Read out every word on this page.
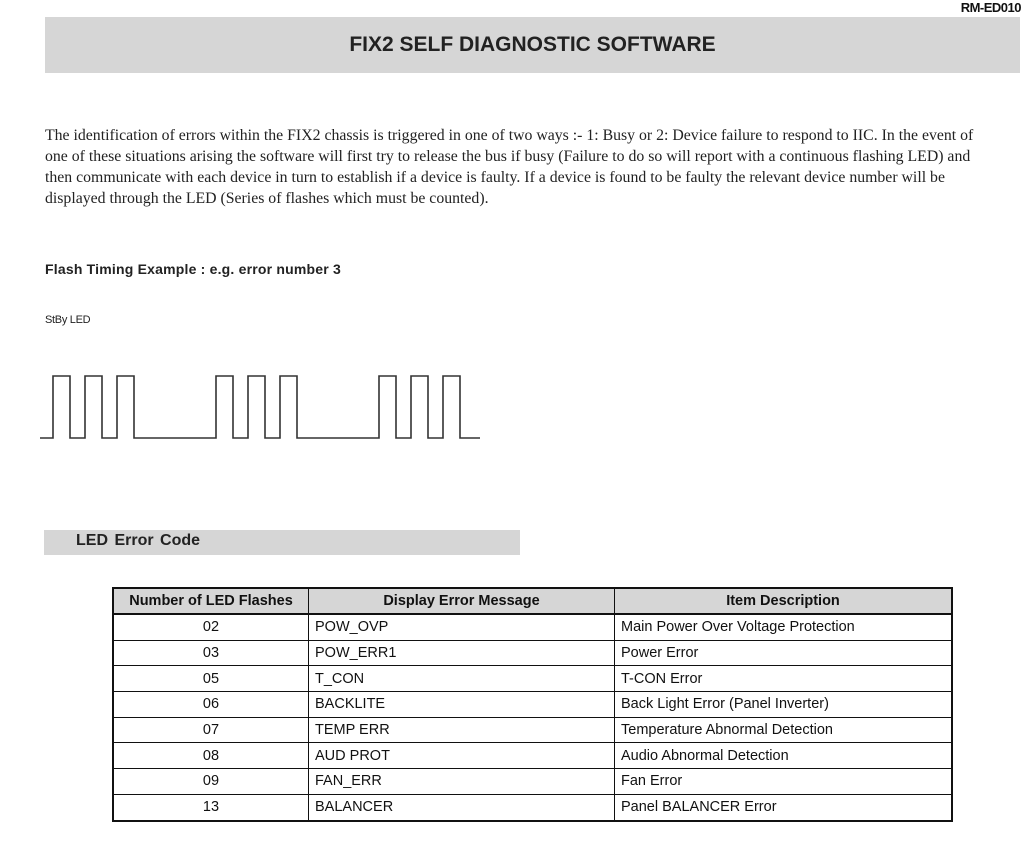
RM-ED010
FIX2 SELF DIAGNOSTIC SOFTWARE

The identification of errors within the FIX2 chassis is triggered in one of two ways :- 1: Busy or 2: Device failure to respond to IIC. In the event of one of these situations arising the software will first try to release the bus if busy (Failure to do so will report with a continuous flashing LED) and then communicate with each device in turn to establish if a device is faulty. If a device is found to be faulty the relevant device number will be displayed through the LED (Series of flashes which must be counted).

Flash Timing Example : e.g. error number 3
StBy LED
LED Error Code
Number of LED Flashes	Display Error Message	Item Description
02	POW_OVP	Main Power Over Voltage Protection
03	POW_ERR1	Power Error
05	T_CON	T-CON Error
06	BACKLITE	Back Light Error (Panel Inverter)
07	TEMP ERR	Temperature Abnormal Detection
08	AUD PROT	Audio Abnormal Detection
09	FAN_ERR	Fan Error
13	BALANCER	Panel BALANCER Error
